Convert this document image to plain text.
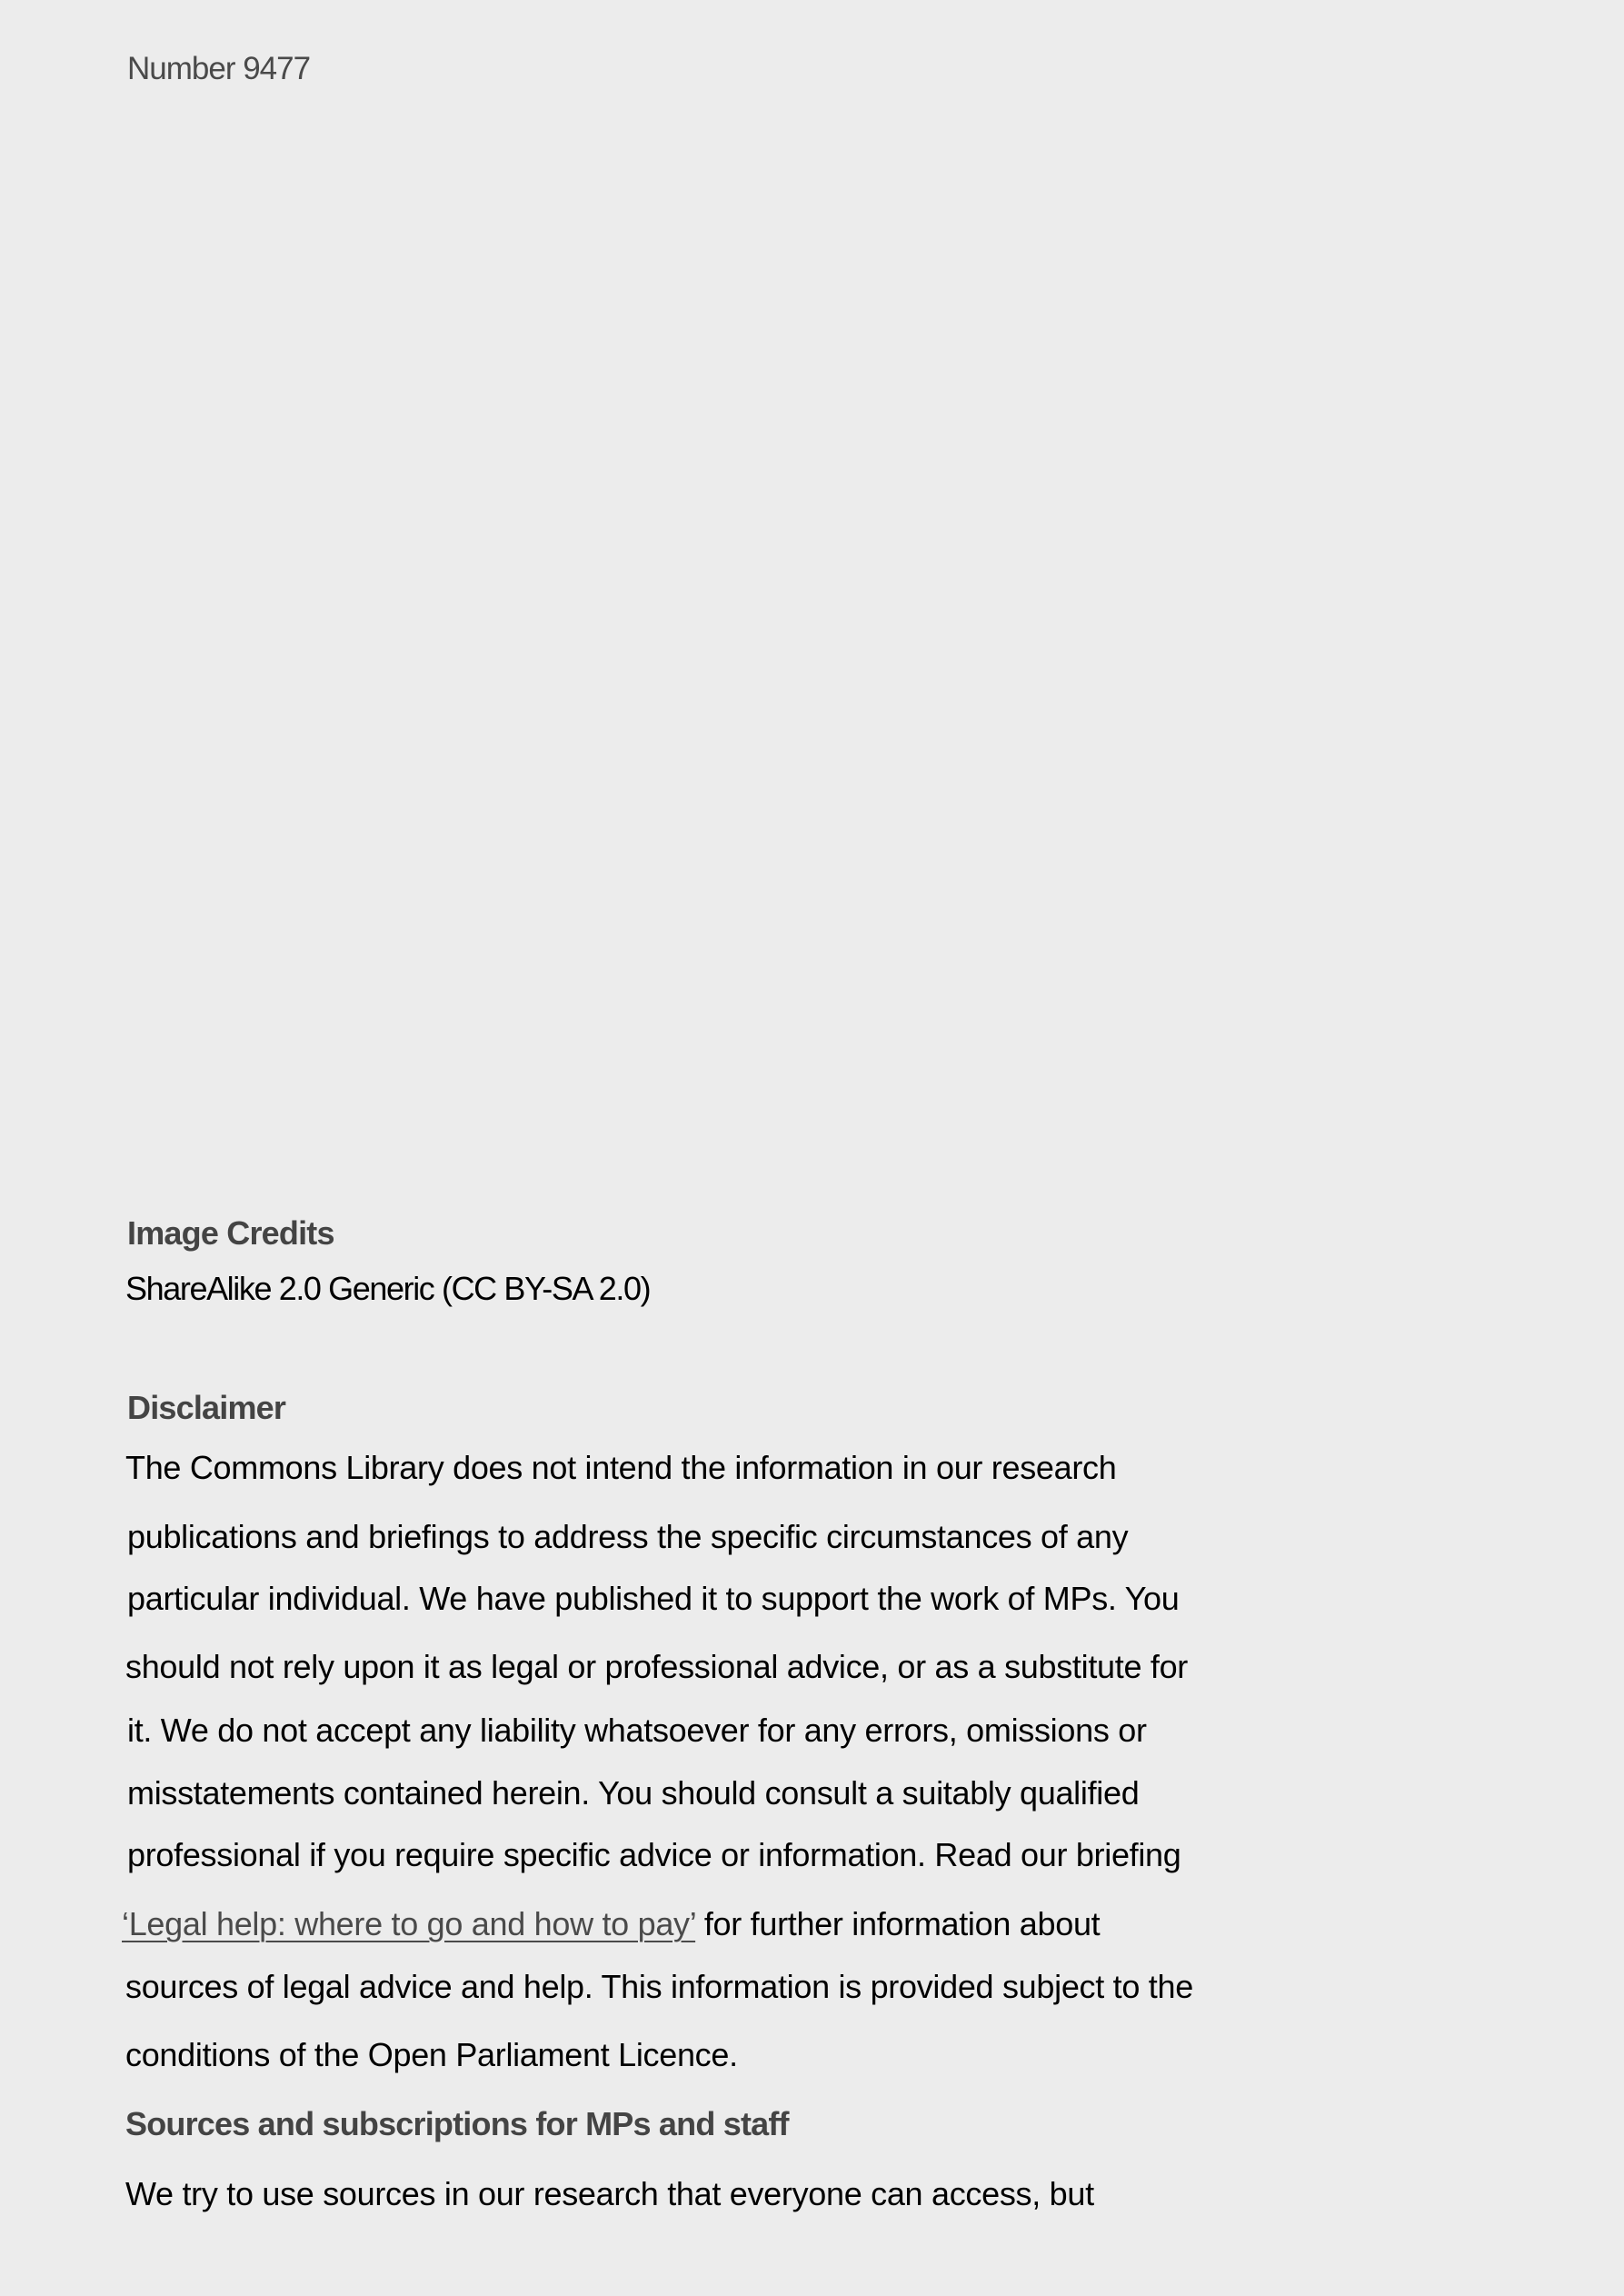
Number 9477
Image Credits
ShareAlike 2.0 Generic (CC BY-SA 2.0)
Disclaimer
The Commons Library does not intend the information in our research
publications and briefings to address the specific circumstances of any
particular individual. We have published it to support the work of MPs. You
should not rely upon it as legal or professional advice, or as a substitute for
it. We do not accept any liability whatsoever for any errors, omissions or
misstatements contained herein. You should consult a suitably qualified
professional if you require specific advice or information. Read our briefing
‘Legal help: where to go and how to pay’ for further information about
sources of legal advice and help. This information is provided subject to the
conditions of the Open Parliament Licence.
Sources and subscriptions for MPs and staff
We try to use sources in our research that everyone can access, but
